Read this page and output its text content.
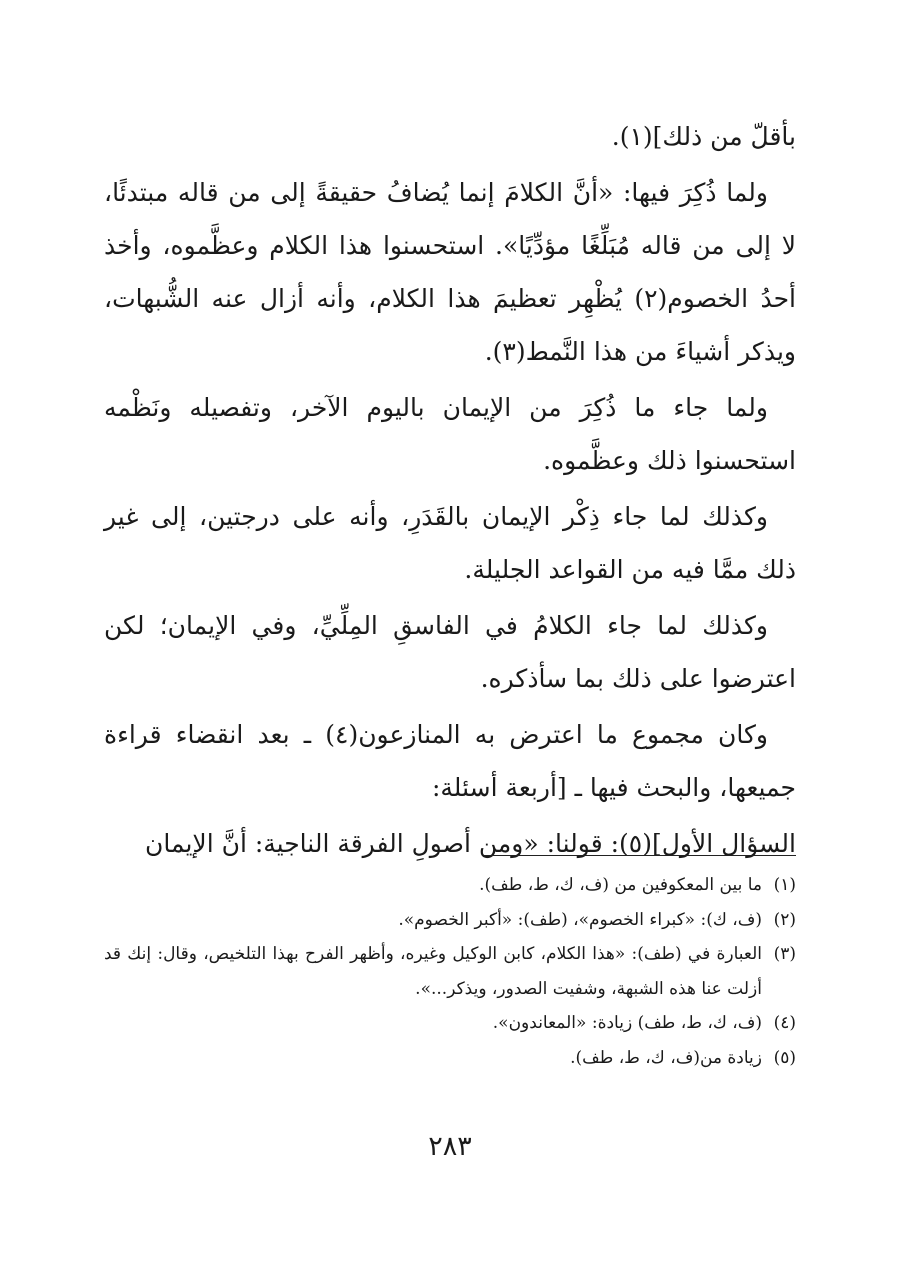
بأقلّ من ذلك](١).

ولما ذُكِرَ فيها: «أنَّ الكلامَ إنما يُضافُ حقيقةً إلى من قاله مبتدئًا، لا إلى من قاله مُبَلِّغًا مؤدِّيًا». استحسنوا هذا الكلام وعظَّموه، وأخذ أحدُ الخصوم(٢) يُظْهِر تعظيمَ هذا الكلام، وأنه أزال عنه الشُّبهات، ويذكر أشياءَ من هذا النَّمط(٣).

ولما جاء ما ذُكِرَ من الإيمان باليوم الآخر، وتفصيله ونَظْمه استحسنوا ذلك وعظَّموه.

وكذلك لما جاء ذِكْر الإيمان بالقَدَرِ، وأنه على درجتين، إلى غير ذلك ممَّا فيه من القواعد الجليلة.

وكذلك لما جاء الكلامُ في الفاسقِ المِلِّيِّ، وفي الإيمان؛ لكن اعترضوا على ذلك بما سأذكره.

وكان مجموع ما اعترض به المنازعون(٤) ـ بعد انقضاء قراءة جميعها، والبحث فيها ـ [أربعة أسئلة:

السؤال الأول](٥): قولنا: «ومن أصولِ الفرقة الناجية: أنَّ الإيمان

(١)
ما بين المعكوفين من (ف، ك، ط، طف).
(٢)
(ف، ك): «كبراء الخصوم»، (طف): «أكبر الخصوم».
(٣)
العبارة في (طف): «هذا الكلام، كابن الوكيل وغيره، وأظهر الفرح بهذا التلخيص، وقال: إنك قد أزلت عنا هذه الشبهة، وشفيت الصدور، ويذكر...».
(٤)
(ف، ك، ط، طف) زيادة: «المعاندون».
(٥)
زيادة من(ف، ك، ط، طف).
٢٨٣
